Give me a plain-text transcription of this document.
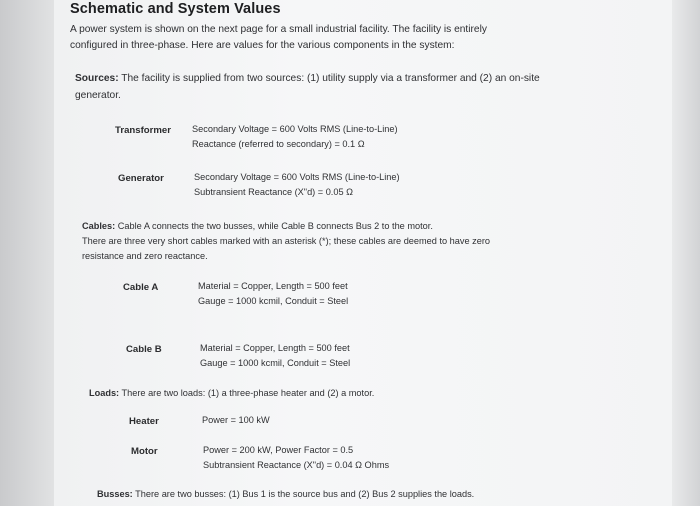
Schematic and System Values
A power system is shown on the next page for a small industrial facility. The facility is entirely
configured in three-phase. Here are values for the various components in the system:
Sources: The facility is supplied from two sources: (1) utility supply via a transformer and (2) an on-site
generator.
Transformer Secondary Voltage = 600 Volts RMS (Line-to-Line)
Reactance (referred to secondary) = 0.1 Ω
Generator	Secondary Voltage = 600 Volts RMS (Line-to-Line)
Subtransient Reactance (X"d) = 0.05 Ω
Cables: Cable A connects the two busses, while Cable B connects Bus 2 to the motor.
There are three very short cables marked with an asterisk (*); these cables are deemed to have zero
resistance and zero reactance.
Cable A	Material = Copper, Length = 500 feet
Gauge = 1000 kcmil, Conduit = Steel
Cable B	Material = Copper, Length = 500 feet
Gauge = 1000 kcmil, Conduit = Steel
Loads: There are two loads: (1) a three-phase heater and (2) a motor.
Heater	Power = 100 kW
Motor	Power = 200 kW, Power Factor = 0.5
Subtransient Reactance (X"d) = 0.04 Ω Ohms
Busses: There are two busses: (1) Bus 1 is the source bus and (2) Bus 2 supplies the loads.
